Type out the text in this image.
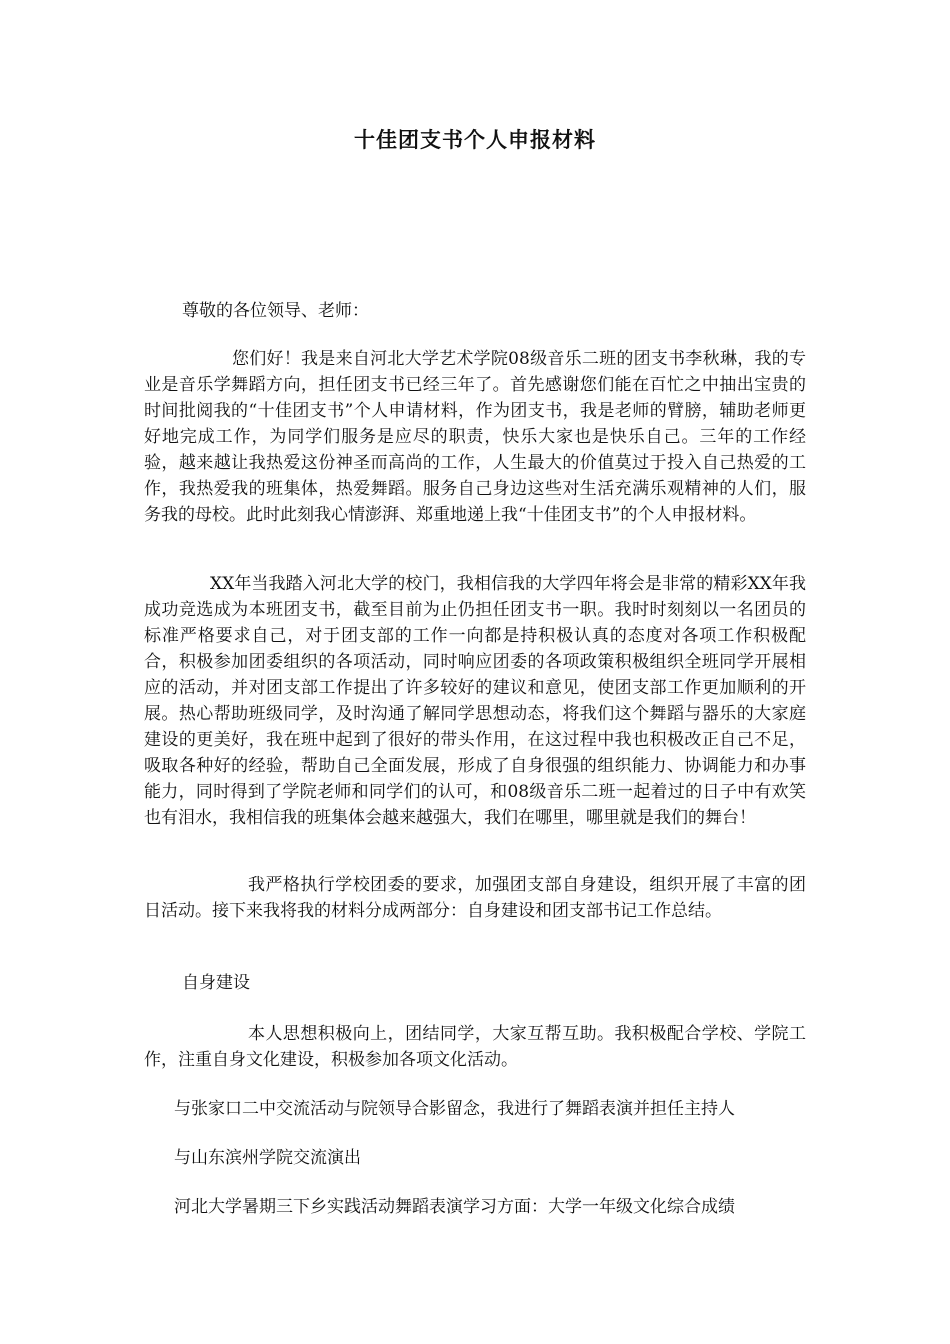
十佳团支书个人申报材料
尊敬的各位领导、老师：
您们好！我是来自河北大学艺术学院08级音乐二班的团支书李秋琳，我的专业是音乐学舞蹈方向，担任团支书已经三年了。首先感谢您们能在百忙之中抽出宝贵的时间批阅我的“十佳团支书”个人申请材料，作为团支书，我是老师的臂膀，辅助老师更好地完成工作，为同学们服务是应尽的职责，快乐大家也是快乐自己。三年的工作经验，越来越让我热爱这份神圣而高尚的工作，人生最大的价值莫过于投入自己热爱的工作，我热爱我的班集体，热爱舞蹈。服务自己身边这些对生活充满乐观精神的人们，服务我的母校。此时此刻我心情澎湃、郑重地递上我“十佳团支书”的个人申报材料。
XX年当我踏入河北大学的校门，我相信我的大学四年将会是非常的精彩XX年我成功竞选成为本班团支书，截至目前为止仍担任团支书一职。我时时刻刻以一名团员的标准严格要求自己，对于团支部的工作一向都是持积极认真的态度对各项工作积极配合，积极参加团委组织的各项活动，同时响应团委的各项政策积极组织全班同学开展相应的活动，并对团支部工作提出了许多较好的建议和意见，使团支部工作更加顺利的开展。热心帮助班级同学，及时沟通了解同学思想动态，将我们这个舞蹈与器乐的大家庭建设的更美好，我在班中起到了很好的带头作用，在这过程中我也积极改正自己不足，吸取各种好的经验，帮助自己全面发展，形成了自身很强的组织能力、协调能力和办事能力，同时得到了学院老师和同学们的认可，和08级音乐二班一起着过的日子中有欢笑也有泪水，我相信我的班集体会越来越强大，我们在哪里，哪里就是我们的舞台！
我严格执行学校团委的要求，加强团支部自身建设，组织开展了丰富的团日活动。接下来我将我的材料分成两部分：自身建设和团支部书记工作总结。
自身建设
本人思想积极向上，团结同学，大家互帮互助。我积极配合学校、学院工作，注重自身文化建设，积极参加各项文化活动。
与张家口二中交流活动与院领导合影留念，我进行了舞蹈表演并担任主持人
与山东滨州学院交流演出
河北大学暑期三下乡实践活动舞蹈表演学习方面：大学一年级文化综合成绩
